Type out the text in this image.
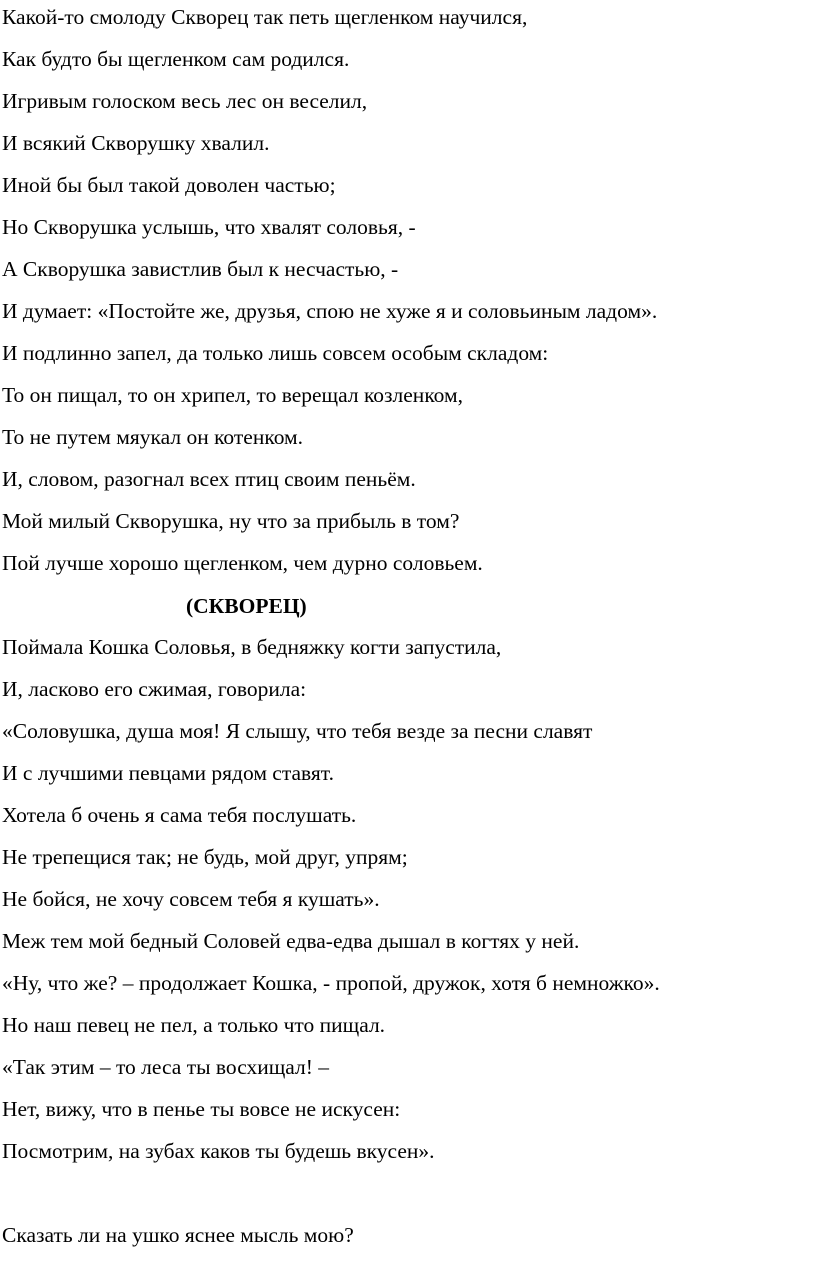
Какой-то смолоду Скворец так петь щегленком научился,

Как будто бы щегленком сам родился.

Игривым голоском весь лес он веселил,

И всякий Скворушку хвалил.

Иной бы был такой доволен частью;

Но Скворушка услышь, что хвалят соловья, -

А Скворушка завистлив был к несчастью, -

И думает: «Постойте же, друзья, спою не хуже я и соловьиным ладом».

И подлинно запел, да только лишь совсем особым складом:

То он пищал, то он хрипел, то верещал козленком,

То не путем мяукал он котенком.

И, словом, разогнал всех птиц своим пеньём.

Мой милый Скворушка, ну что за прибыль в том?

Пой лучше хорошо щегленком, чем дурно соловьем.

(СКВОРЕЦ)

Поймала Кошка Соловья, в бедняжку когти запустила,

И, ласково его сжимая, говорила:

«Соловушка, душа моя! Я слышу, что тебя везде за песни славят

И с лучшими певцами рядом ставят.

Хотела б очень я сама тебя послушать.

Не трепещися так; не будь, мой друг, упрям;

Не бойся, не хочу совсем тебя я кушать».

Меж тем мой бедный Соловей едва-едва дышал в когтях у ней.

«Ну, что же? – продолжает Кошка, - пропой, дружок, хотя б немножко».

Но наш певец не пел, а только что пищал.

«Так этим – то леса ты восхищал! –

Нет, вижу, что в пенье ты вовсе не искусен:

Посмотрим, на зубах каков ты будешь вкусен».

Сказать ли на ушко яснее мысль мою?
